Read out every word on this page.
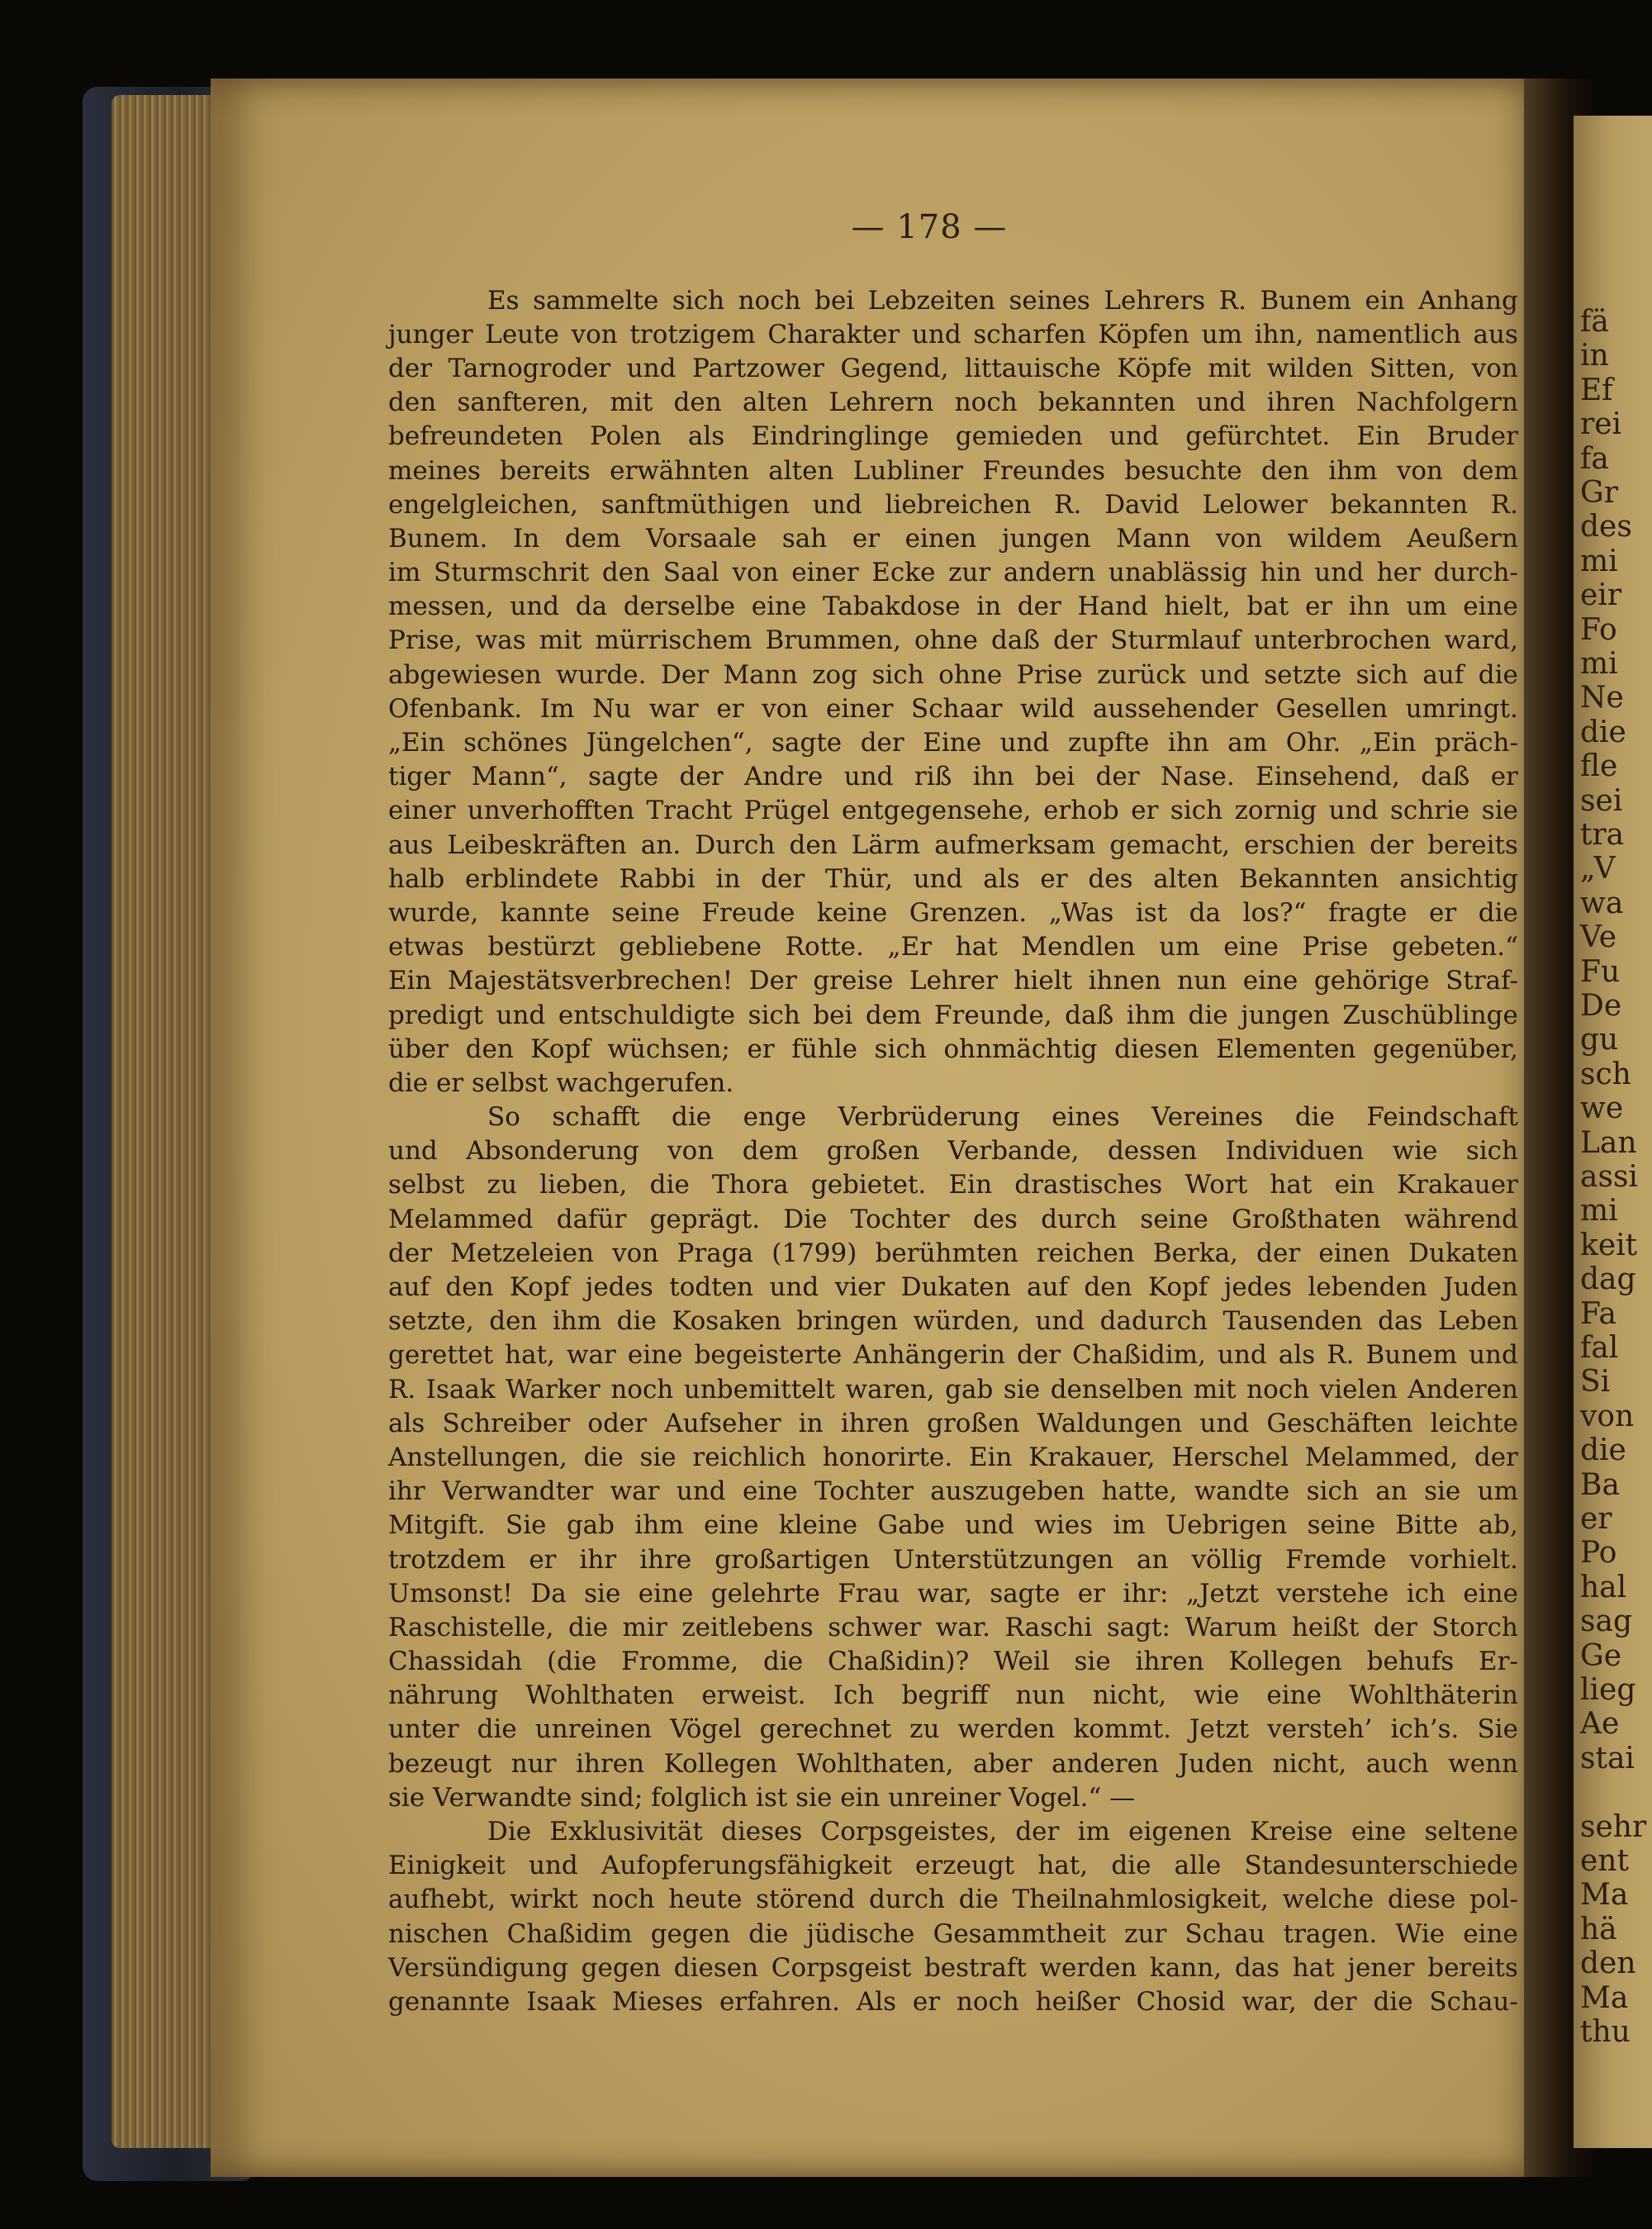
fä
in
Ef
rei
fa
Gr
des
mi
eir
Fo
mi
Ne
die
fle
sei
tra
„V
wa
Ve
Fu
De
gu
sch
we
Lan
assi
mi
keit
dag
Fa
fal
Si
von
die
Ba
er
Po
hal
sag
Ge
lieg
Ae
stai
sehr
ent
Ma
hä
den
Ma
thu
— 178 —
Es sammelte sich noch bei Lebzeiten seines Lehrers R. Bunem ein Anhang
junger Leute von trotzigem Charakter und scharfen Köpfen um ihn, namentlich aus
der Tarnogroder und Partzower Gegend, littauische Köpfe mit wilden Sitten, von
den sanfteren, mit den alten Lehrern noch bekannten und ihren Nachfolgern
befreundeten Polen als Eindringlinge gemieden und gefürchtet. Ein Bruder
meines bereits erwähnten alten Lubliner Freundes besuchte den ihm von dem
engelgleichen, sanftmüthigen und liebreichen R. David Lelower bekannten R.
Bunem. In dem Vorsaale sah er einen jungen Mann von wildem Aeußern
im Sturmschrit den Saal von einer Ecke zur andern unablässig hin und her durch-
messen, und da derselbe eine Tabakdose in der Hand hielt, bat er ihn um eine
Prise, was mit mürrischem Brummen, ohne daß der Sturmlauf unterbrochen ward,
abgewiesen wurde. Der Mann zog sich ohne Prise zurück und setzte sich auf die
Ofenbank. Im Nu war er von einer Schaar wild aussehender Gesellen umringt.
„Ein schönes Jüngelchen“, sagte der Eine und zupfte ihn am Ohr. „Ein präch-
tiger Mann“, sagte der Andre und riß ihn bei der Nase. Einsehend, daß er
einer unverhofften Tracht Prügel entgegensehe, erhob er sich zornig und schrie sie
aus Leibeskräften an. Durch den Lärm aufmerksam gemacht, erschien der bereits
halb erblindete Rabbi in der Thür, und als er des alten Bekannten ansichtig
wurde, kannte seine Freude keine Grenzen. „Was ist da los?“ fragte er die
etwas bestürzt gebliebene Rotte. „Er hat Mendlen um eine Prise gebeten.“
Ein Majestätsverbrechen! Der greise Lehrer hielt ihnen nun eine gehörige Straf-
predigt und entschuldigte sich bei dem Freunde, daß ihm die jungen Zuschüblinge
über den Kopf wüchsen; er fühle sich ohnmächtig diesen Elementen gegenüber,
die er selbst wachgerufen.
So schafft die enge Verbrüderung eines Vereines die Feindschaft
und Absonderung von dem großen Verbande, dessen Individuen wie sich
selbst zu lieben, die Thora gebietet. Ein drastisches Wort hat ein Krakauer
Melammed dafür geprägt. Die Tochter des durch seine Großthaten während
der Metzeleien von Praga (1799) berühmten reichen Berka, der einen Dukaten
auf den Kopf jedes todten und vier Dukaten auf den Kopf jedes lebenden Juden
setzte, den ihm die Kosaken bringen würden, und dadurch Tausenden das Leben
gerettet hat, war eine begeisterte Anhängerin der Chaßidim, und als R. Bunem und
R. Isaak Warker noch unbemittelt waren, gab sie denselben mit noch vielen Anderen
als Schreiber oder Aufseher in ihren großen Waldungen und Geschäften leichte
Anstellungen, die sie reichlich honorirte. Ein Krakauer, Herschel Melammed, der
ihr Verwandter war und eine Tochter auszugeben hatte, wandte sich an sie um
Mitgift. Sie gab ihm eine kleine Gabe und wies im Uebrigen seine Bitte ab,
trotzdem er ihr ihre großartigen Unterstützungen an völlig Fremde vorhielt.
Umsonst! Da sie eine gelehrte Frau war, sagte er ihr: „Jetzt verstehe ich eine
Raschistelle, die mir zeitlebens schwer war. Raschi sagt: Warum heißt der Storch
Chassidah (die Fromme, die Chaßidin)? Weil sie ihren Kollegen behufs Er-
nährung Wohlthaten erweist. Ich begriff nun nicht, wie eine Wohlthäterin
unter die unreinen Vögel gerechnet zu werden kommt. Jetzt versteh’ ich’s. Sie
bezeugt nur ihren Kollegen Wohlthaten, aber anderen Juden nicht, auch wenn
sie Verwandte sind; folglich ist sie ein unreiner Vogel.“ —
Die Exklusivität dieses Corpsgeistes, der im eigenen Kreise eine seltene
Einigkeit und Aufopferungsfähigkeit erzeugt hat, die alle Standesunterschiede
aufhebt, wirkt noch heute störend durch die Theilnahmlosigkeit, welche diese pol-
nischen Chaßidim gegen die jüdische Gesammtheit zur Schau tragen. Wie eine
Versündigung gegen diesen Corpsgeist bestraft werden kann, das hat jener bereits
genannte Isaak Mieses erfahren. Als er noch heißer Chosid war, der die Schau-
